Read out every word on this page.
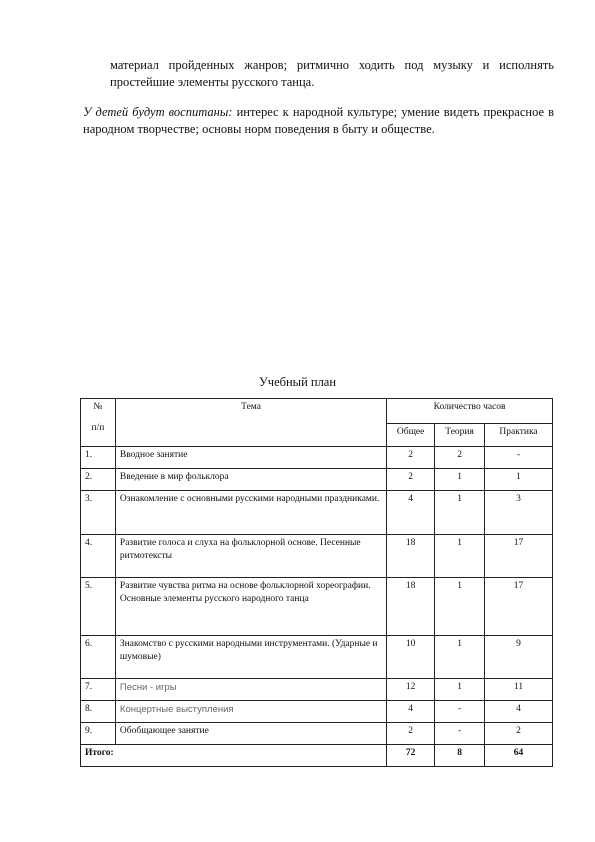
материал пройденных жанров; ритмично ходить под музыку и исполнять простейшие элементы русского танца.
У детей будут воспитаны: интерес к народной культуре; умение видеть прекрасное в народном творчестве; основы норм поведения в быту и обществе.
Учебный план
№
п/п	Тема	Количество часов		
		Общее	Теория	Практика
1.	Вводное занятие	2	2	-
2.	Введение в мир фольклора	2	1	1
3.	Ознакомление с основными русскими народными праздниками.	4	1	3
4.	Развитие голоса и слуха на фольклорной основе. Песенные ритмотексты	18	1	17
5.	Развитие чувства ритма на основе фольклорной хореографии. Основные элементы русского народного танца	18	1	17
6.	Знакомство с русскими народными инструментами. (Ударные и шумовые)	10	1	9
7.	Песни - игры	12	1	11
8.	Концертные выступления	4	-	4
9.	Обобщающее занятие	2	-	2
Итого:		72	8	64
